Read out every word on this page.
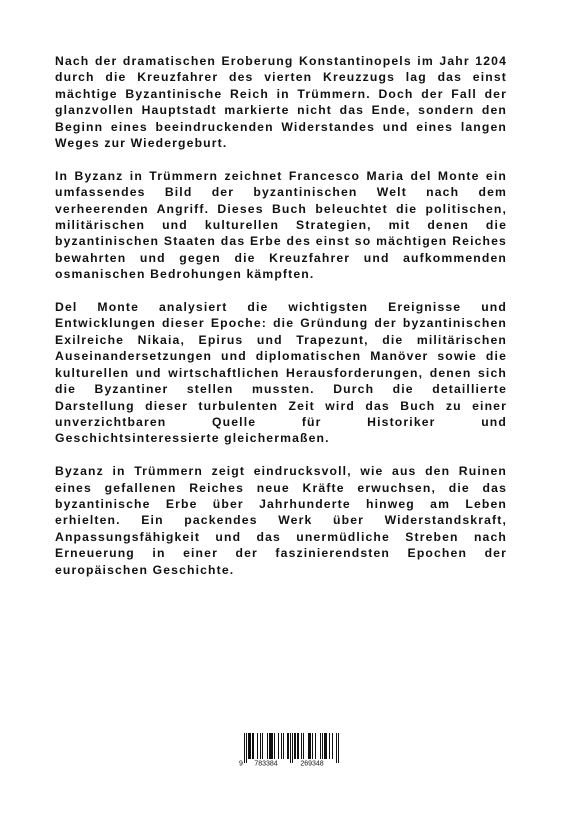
Nach der dramatischen Eroberung Konstantinopels im Jahr 1204 durch die Kreuzfahrer des vierten Kreuzzugs lag das einst mächtige Byzantinische Reich in Trümmern. Doch der Fall der glanzvollen Hauptstadt markierte nicht das Ende, sondern den Beginn eines beeindruckenden Widerstandes und eines langen Weges zur Wiedergeburt.

In Byzanz in Trümmern zeichnet Francesco Maria del Monte ein umfassendes Bild der byzantinischen Welt nach dem verheerenden Angriff. Dieses Buch beleuchtet die politischen, militärischen und kulturellen Strategien, mit denen die byzantinischen Staaten das Erbe des einst so mächtigen Reiches bewahrten und gegen die Kreuzfahrer und aufkommenden osmanischen Bedrohungen kämpften.

Del Monte analysiert die wichtigsten Ereignisse und Entwicklungen dieser Epoche: die Gründung der byzantinischen Exilreiche Nikaia, Epirus und Trapezunt, die militärischen Auseinandersetzungen und diplomatischen Manöver sowie die kulturellen und wirtschaftlichen Herausforderungen, denen sich die Byzantiner stellen mussten. Durch die detaillierte Darstellung dieser turbulenten Zeit wird das Buch zu einer unverzichtbaren Quelle für Historiker und Geschichtsinteressierte gleichermaßen.

Byzanz in Trümmern zeigt eindrucksvoll, wie aus den Ruinen eines gefallenen Reiches neue Kräfte erwuchsen, die das byzantinische Erbe über Jahrhunderte hinweg am Leben erhielten. Ein packendes Werk über Widerstandskraft, Anpassungsfähigkeit und das unermüdliche Streben nach Erneuerung in einer der faszinierendsten Epochen der europäischen Geschichte.

9 783384	269348
